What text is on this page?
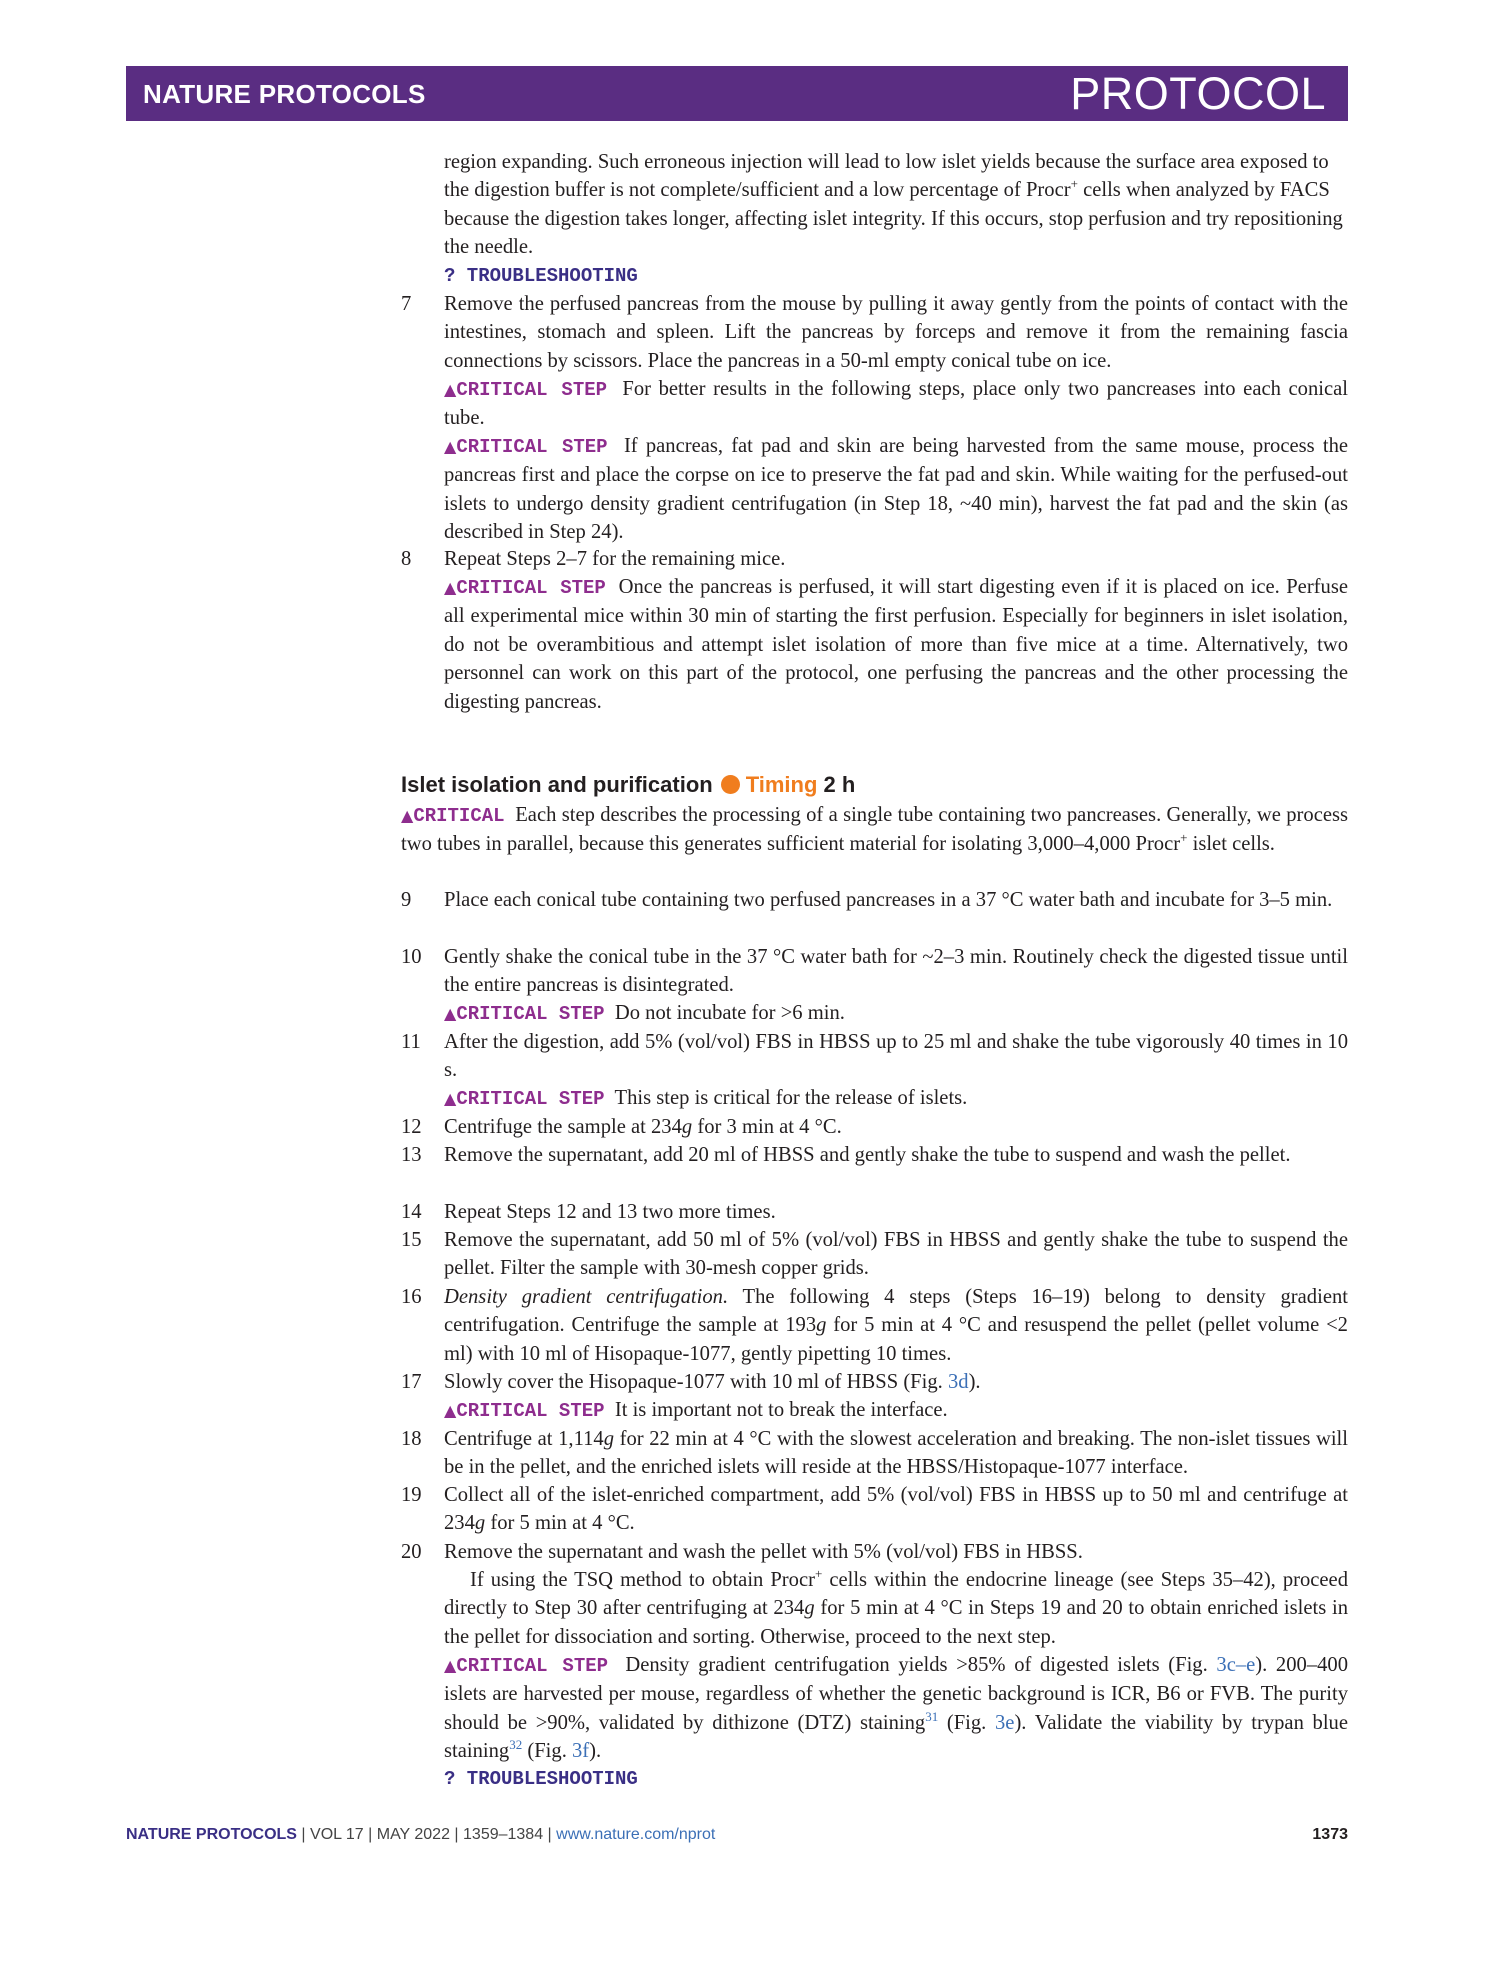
NATURE PROTOCOLS	PROTOCOL

region expanding. Such erroneous injection will lead to low islet yields because the surface area exposed to the digestion buffer is not complete/sufficient and a low percentage of Procr+ cells when analyzed by FACS because the digestion takes longer, affecting islet integrity. If this occurs, stop perfusion and try repositioning the needle.

? TROUBLESHOOTING
7	Remove the perfused pancreas from the mouse by pulling it away gently from the points of contact with the intestines, stomach and spleen. Lift the pancreas by forceps and remove it from the remaining fascia connections by scissors. Place the pancreas in a 50-ml empty conical tube on ice.

▲CRITICAL STEP For better results in the following steps, place only two pancreases into each conical tube.

▲CRITICAL STEP If pancreas, fat pad and skin are being harvested from the same mouse, process the pancreas first and place the corpse on ice to preserve the fat pad and skin. While waiting for the perfused-out islets to undergo density gradient centrifugation (in Step 18, ~40 min), harvest the fat pad and the skin (as described in Step 24).

8	Repeat Steps 2–7 for the remaining mice.

▲CRITICAL STEP Once the pancreas is perfused, it will start digesting even if it is placed on ice. Perfuse all experimental mice within 30 min of starting the first perfusion. Especially for beginners in islet isolation, do not be overambitious and attempt islet isolation of more than five mice at a time. Alternatively, two personnel can work on this part of the protocol, one perfusing the pancreas and the other processing the digesting pancreas.

Islet isolation and purification Timing 2 h

▲CRITICAL Each step describes the processing of a single tube containing two pancreases. Generally, we process two tubes in parallel, because this generates sufficient material for isolating 3,000–4,000 Procr+ islet cells.

9	Place each conical tube containing two perfused pancreases in a 37 °C water bath and incubate for 3–5 min.

10	Gently shake the conical tube in the 37 °C water bath for ~2–3 min. Routinely check the digested tissue until the entire pancreas is disintegrated.

▲CRITICAL STEP Do not incubate for >6 min.

11	After the digestion, add 5% (vol/vol) FBS in HBSS up to 25 ml and shake the tube vigorously 40 times in 10 s.

▲CRITICAL STEP This step is critical for the release of islets.

12	Centrifuge the sample at 234g for 3 min at 4 °C.

13	Remove the supernatant, add 20 ml of HBSS and gently shake the tube to suspend and wash the pellet.

14	Repeat Steps 12 and 13 two more times.

15	Remove the supernatant, add 50 ml of 5% (vol/vol) FBS in HBSS and gently shake the tube to suspend the pellet. Filter the sample with 30-mesh copper grids.

16	Density gradient centrifugation. The following 4 steps (Steps 16–19) belong to density gradient centrifugation. Centrifuge the sample at 193g for 5 min at 4 °C and resuspend the pellet (pellet volume <2 ml) with 10 ml of Hisopaque-1077, gently pipetting 10 times.

17	Slowly cover the Hisopaque-1077 with 10 ml of HBSS (Fig. 3d).

▲CRITICAL STEP It is important not to break the interface.

18	Centrifuge at 1,114g for 22 min at 4 °C with the slowest acceleration and breaking. The non-islet tissues will be in the pellet, and the enriched islets will reside at the HBSS/Histopaque-1077 interface.

19	Collect all of the islet-enriched compartment, add 5% (vol/vol) FBS in HBSS up to 50 ml and centrifuge at 234g for 5 min at 4 °C.

20	Remove the supernatant and wash the pellet with 5% (vol/vol) FBS in HBSS.

If using the TSQ method to obtain Procr+ cells within the endocrine lineage (see Steps 35–42), proceed directly to Step 30 after centrifuging at 234g for 5 min at 4 °C in Steps 19 and 20 to obtain enriched islets in the pellet for dissociation and sorting. Otherwise, proceed to the next step.

▲CRITICAL STEP Density gradient centrifugation yields >85% of digested islets (Fig. 3c–e). 200–400 islets are harvested per mouse, regardless of whether the genetic background is ICR, B6 or FVB. The purity should be >90%, validated by dithizone (DTZ) staining$^{31}$ (Fig. 3e). Validate the viability by trypan blue staining$^{32}$ (Fig. 3f).

? TROUBLESHOOTING
NATURE PROTOCOLS | VOL 17 | MAY 2022 | 1359–1384 | www.nature.com/nprot	1373
